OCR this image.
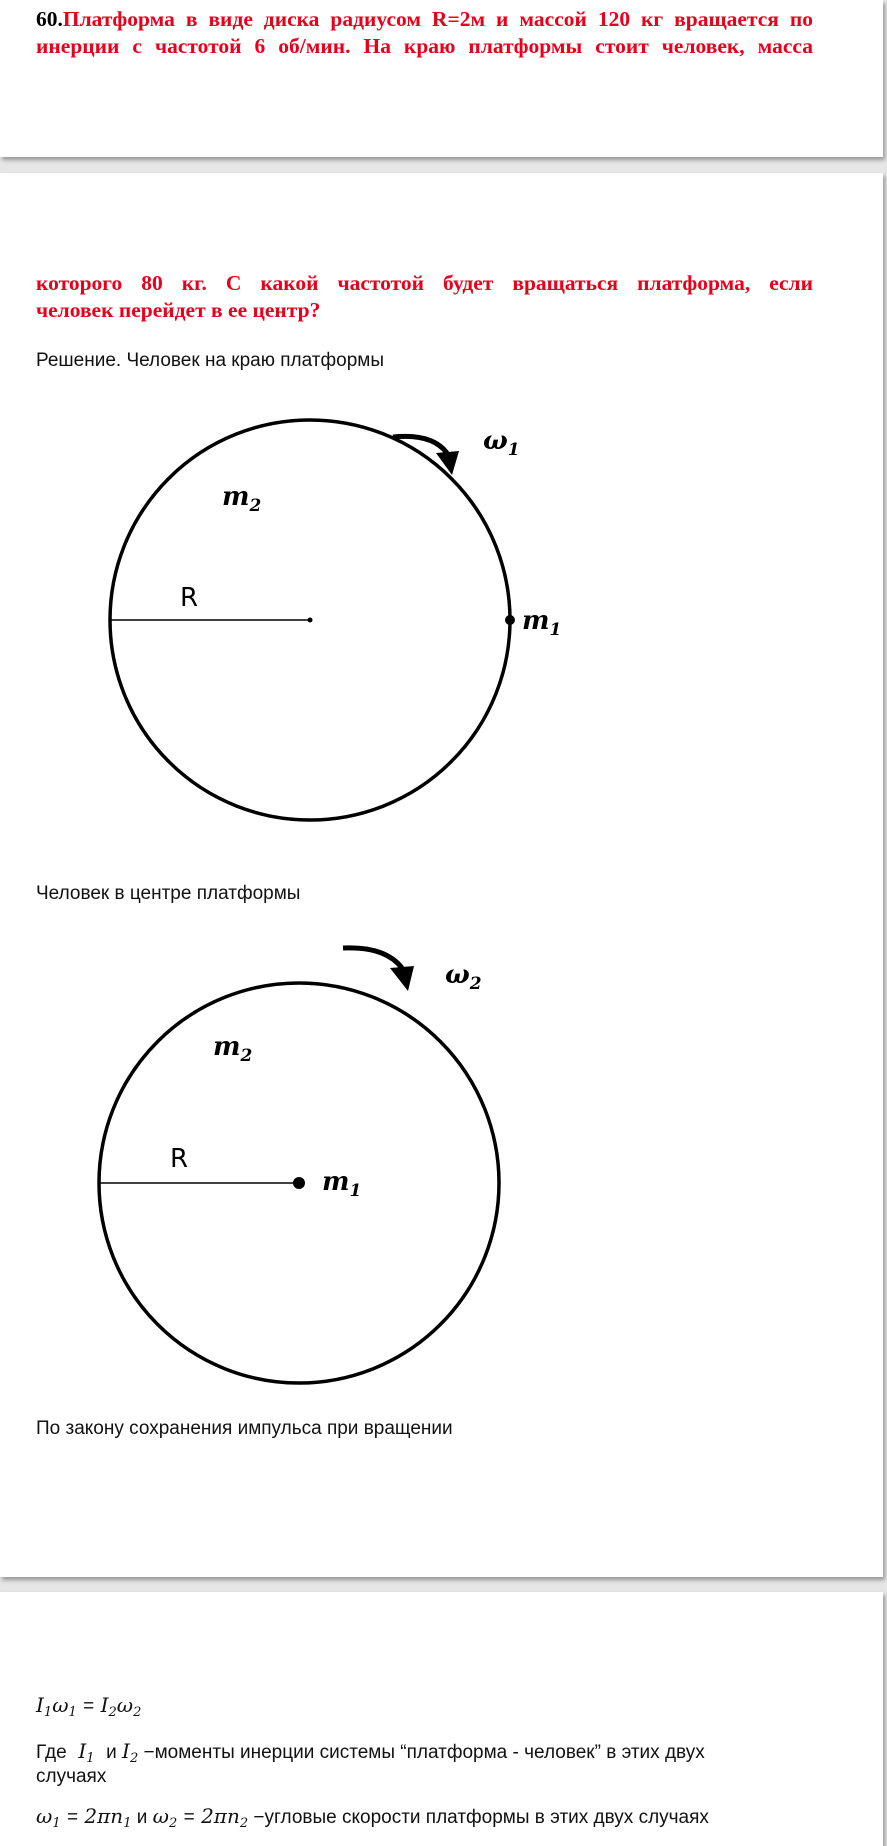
60.Платформа в виде диска радиусом R=2м и массой 120 кг вращается по
инерции с частотой 6 об/мин. На краю платформы стоит человек, масса
которого 80 кг. С какой частотой будет вращаться платформа, если
человек перейдет в ее центр?
Решение. Человек на краю платформы
R
m2
m1
ω1
Человек в центре платформы
R
m2
m1
ω2
По закону сохранения импульса при вращении
$I_1\omega_1 = I_2\omega_2$
Где $I_1$ и $I_2$ −моменты инерции системы “платформа - человек” в этих двух
случаях
$\omega_1 = 2\pi n_1$ и $\omega_2 = 2\pi n_2$ −угловые скорости платформы в этих двух случаях
